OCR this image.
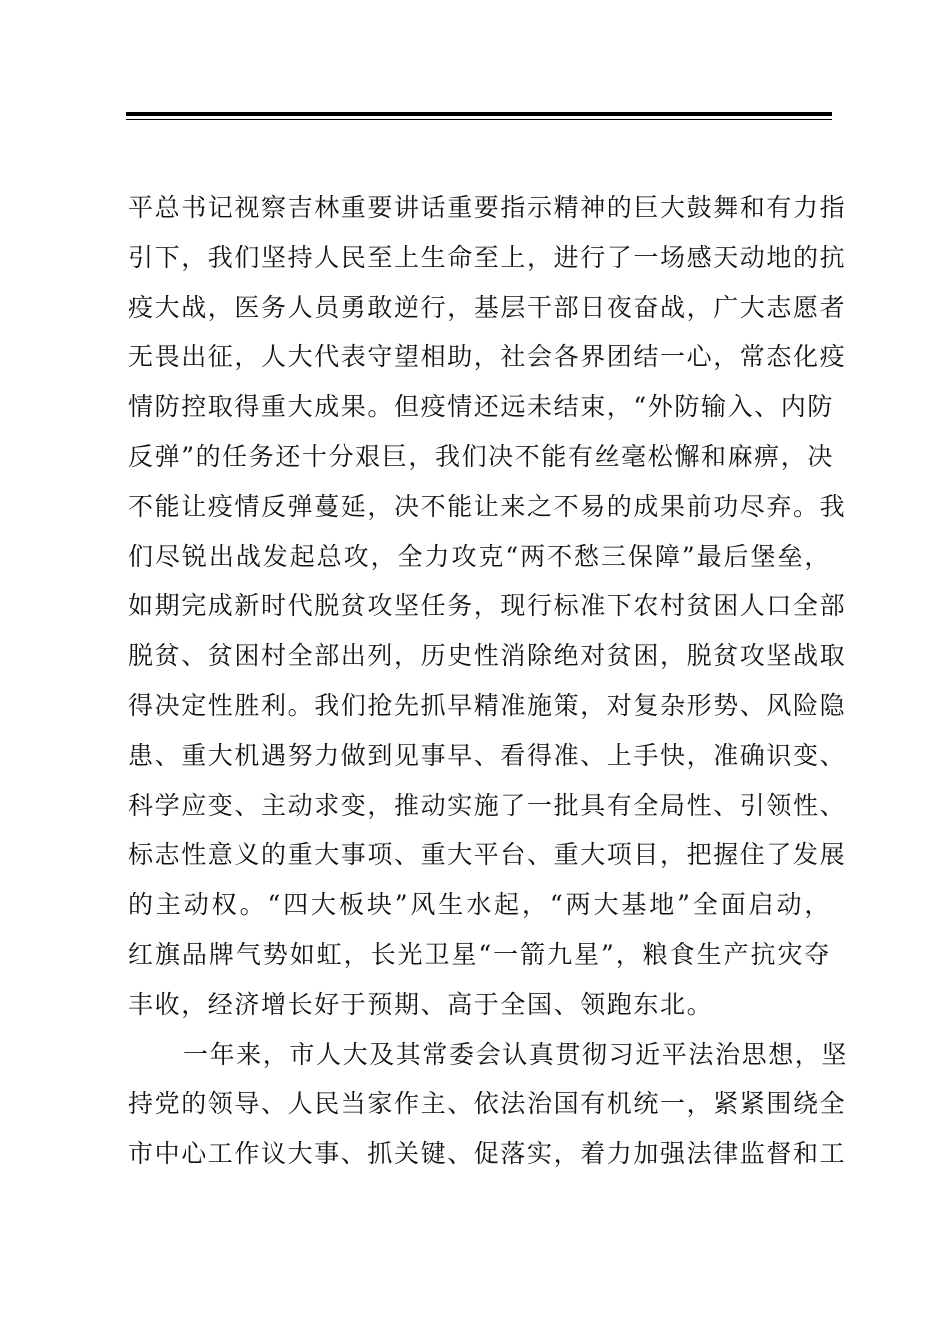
平总书记视察吉林重要讲话重要指示精神的巨大鼓舞和有力指
引下，我们坚持人民至上生命至上，进行了一场感天动地的抗
疫大战，医务人员勇敢逆行，基层干部日夜奋战，广大志愿者
无畏出征，人大代表守望相助，社会各界团结一心，常态化疫
情防控取得重大成果。但疫情还远未结束，“外防输入、内防
反弹”的任务还十分艰巨，我们决不能有丝毫松懈和麻痹，决
不能让疫情反弹蔓延，决不能让来之不易的成果前功尽弃。我
们尽锐出战发起总攻，全力攻克“两不愁三保障”最后堡垒，
如期完成新时代脱贫攻坚任务，现行标准下农村贫困人口全部
脱贫、贫困村全部出列，历史性消除绝对贫困，脱贫攻坚战取
得决定性胜利。我们抢先抓早精准施策，对复杂形势、风险隐
患、重大机遇努力做到见事早、看得准、上手快，准确识变、
科学应变、主动求变，推动实施了一批具有全局性、引领性、
标志性意义的重大事项、重大平台、重大项目，把握住了发展
的主动权。“四大板块”风生水起，“两大基地”全面启动，
红旗品牌气势如虹，长光卫星“一箭九星”，粮食生产抗灾夺
丰收，经济增长好于预期、高于全国、领跑东北。
一年来，市人大及其常委会认真贯彻习近平法治思想，坚
持党的领导、人民当家作主、依法治国有机统一，紧紧围绕全
市中心工作议大事、抓关键、促落实，着力加强法律监督和工
